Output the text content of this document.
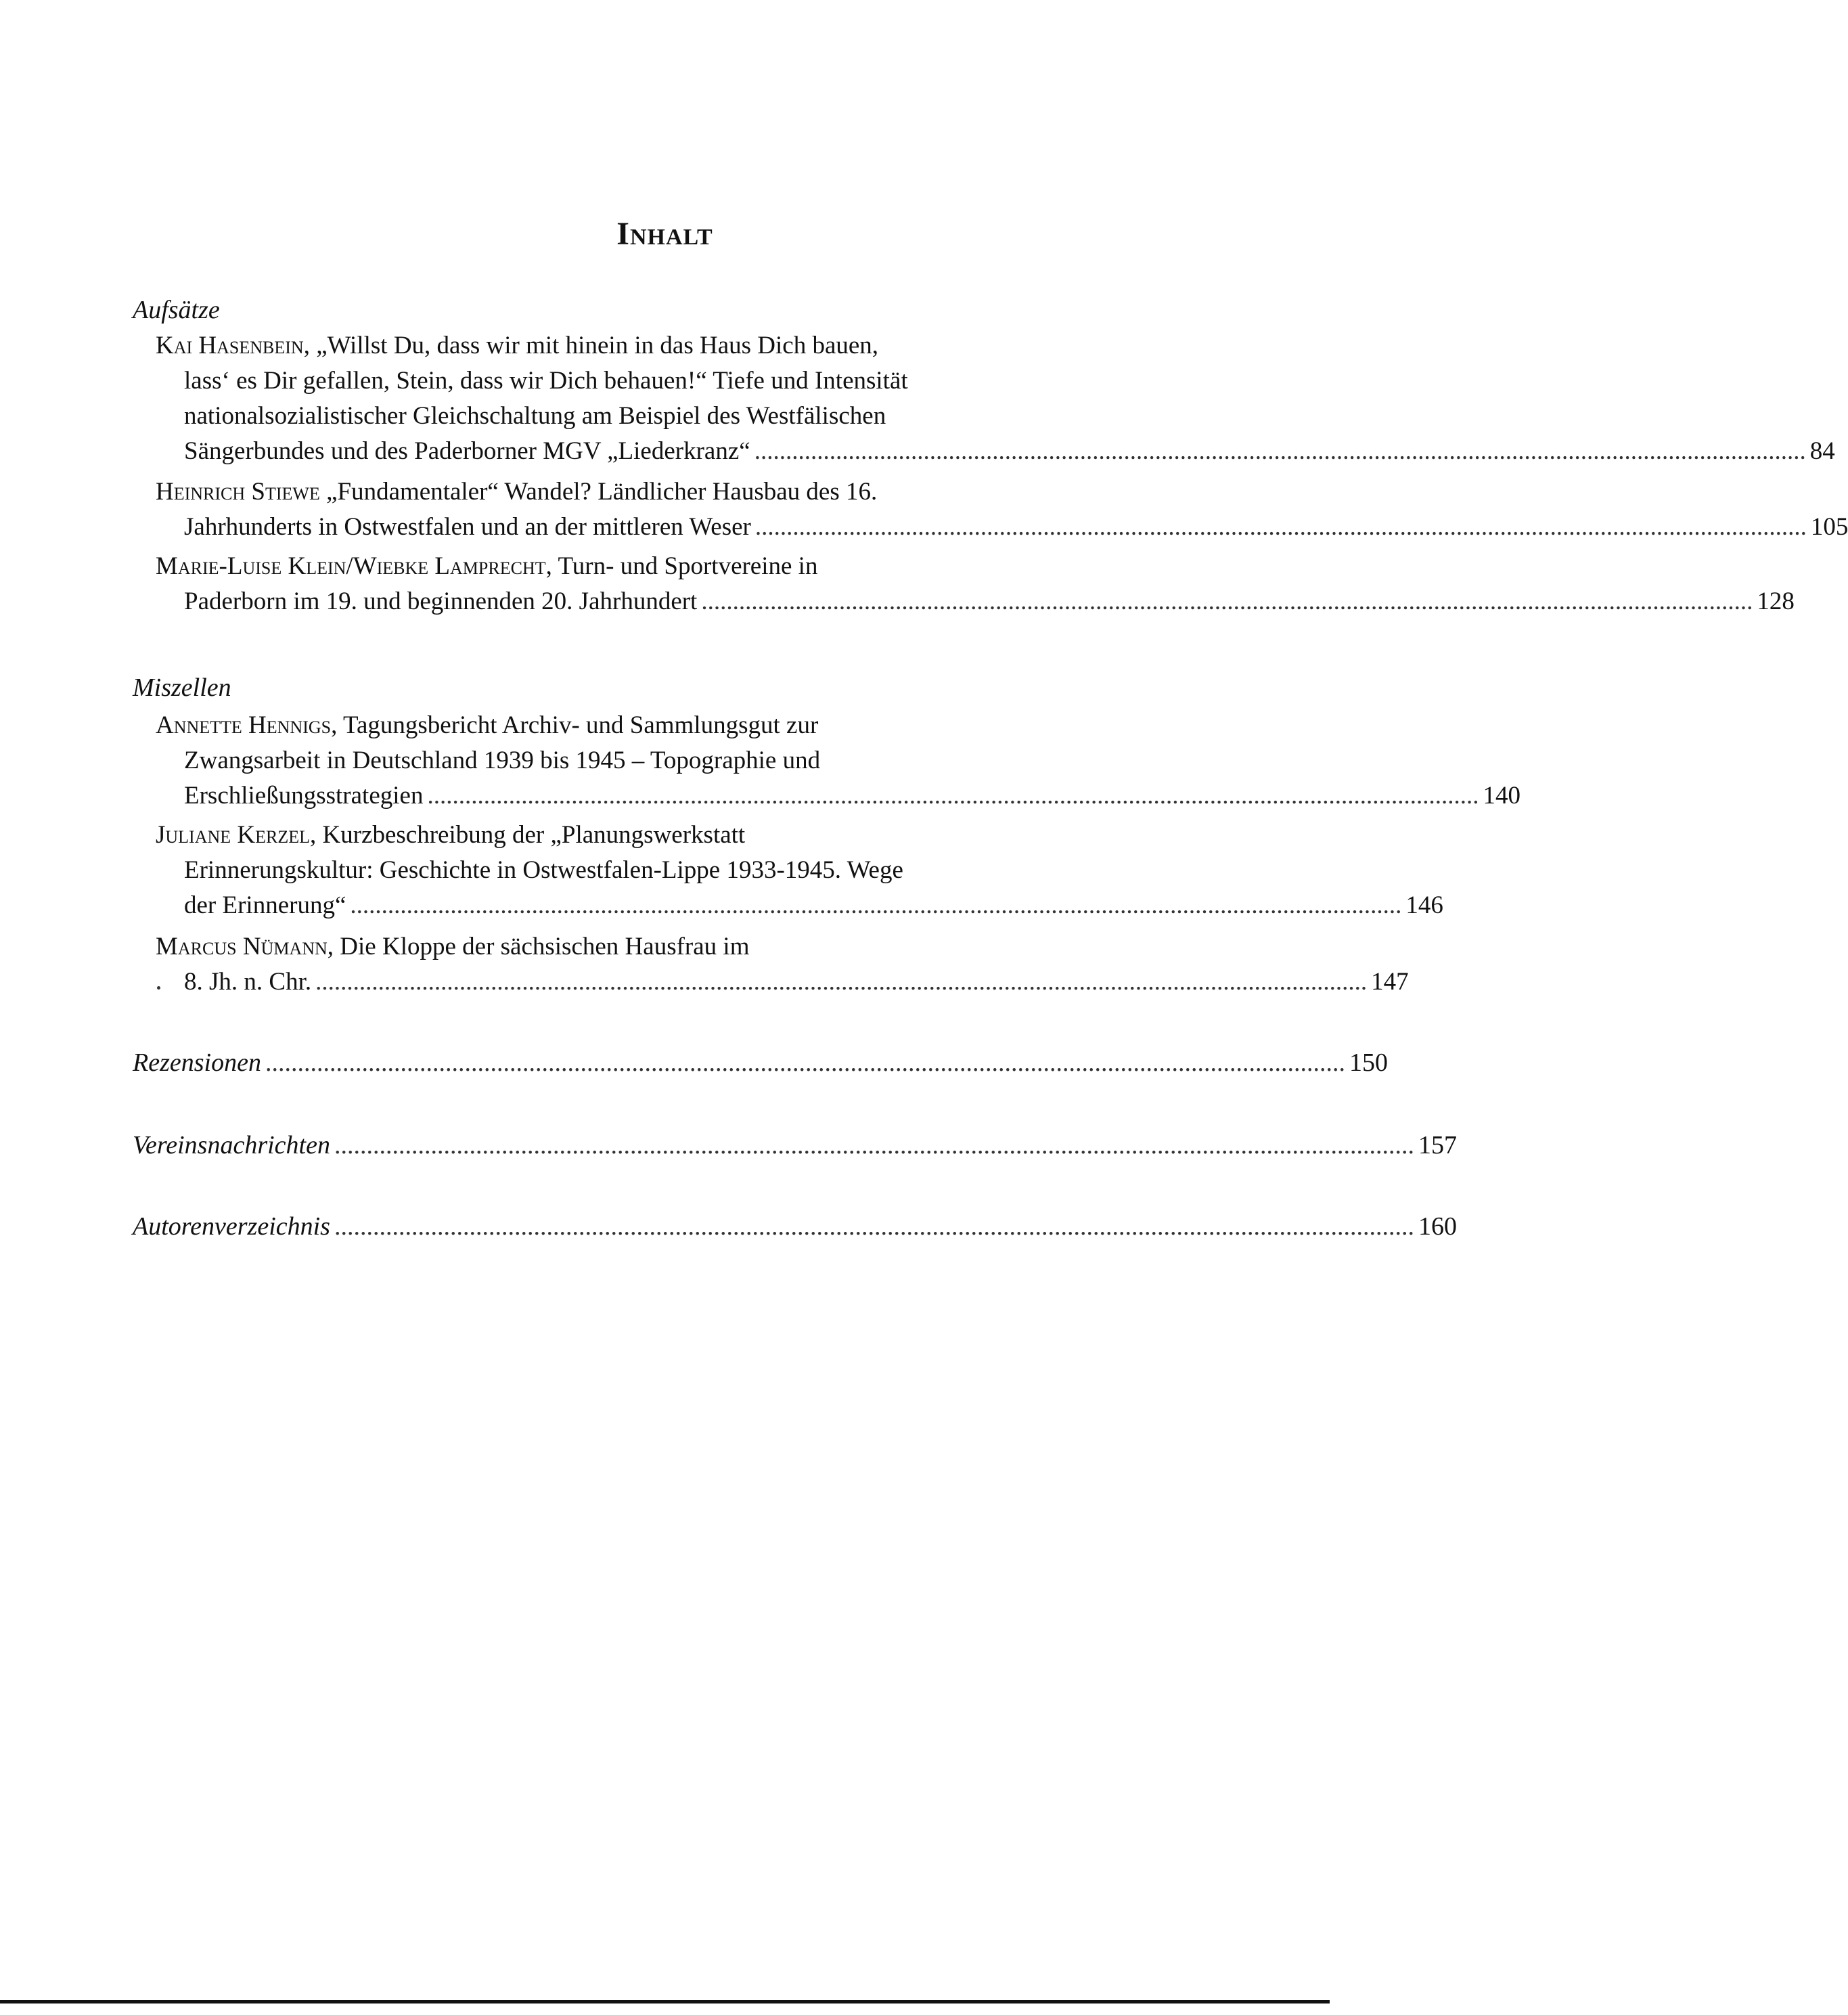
Inhalt
Aufsätze
Kai Hasenbein, „Willst Du, dass wir mit hinein in das Haus Dich bauen,
lass‘ es Dir gefallen, Stein, dass wir Dich behauen!“ Tiefe und Intensität
nationalsozialistischer Gleichschaltung am Beispiel des Westfälischen
Sängerbundes und des Paderborner MGV „Liederkranz“ ........................................................................................................................................................................ 84
Heinrich Stiewe „Fundamentaler“ Wandel? Ländlicher Hausbau des 16.
Jahrhunderts in Ostwestfalen und an der mittleren Weser ........................................................................................................................................................................ 105
Marie-Luise Klein/Wiebke Lamprecht, Turn- und Sportvereine in
Paderborn im 19. und beginnenden 20. Jahrhundert ........................................................................................................................................................................ 128
Miszellen
Annette Hennigs, Tagungsbericht Archiv- und Sammlungsgut zur
Zwangsarbeit in Deutschland 1939 bis 1945 – Topographie und
Erschließungsstrategien ........................................................................................................................................................................ 140
Juliane Kerzel, Kurzbeschreibung der „Planungswerkstatt
Erinnerungskultur: Geschichte in Ostwestfalen-Lippe 1933-1945. Wege
der Erinnerung“ ........................................................................................................................................................................ 146
Marcus Nümann, Die Kloppe der sächsischen Hausfrau im
8. Jh. n. Chr. ........................................................................................................................................................................ 147
Rezensionen ........................................................................................................................................................................ 150
Vereinsnachrichten ........................................................................................................................................................................ 157
Autorenverzeichnis ........................................................................................................................................................................ 160
